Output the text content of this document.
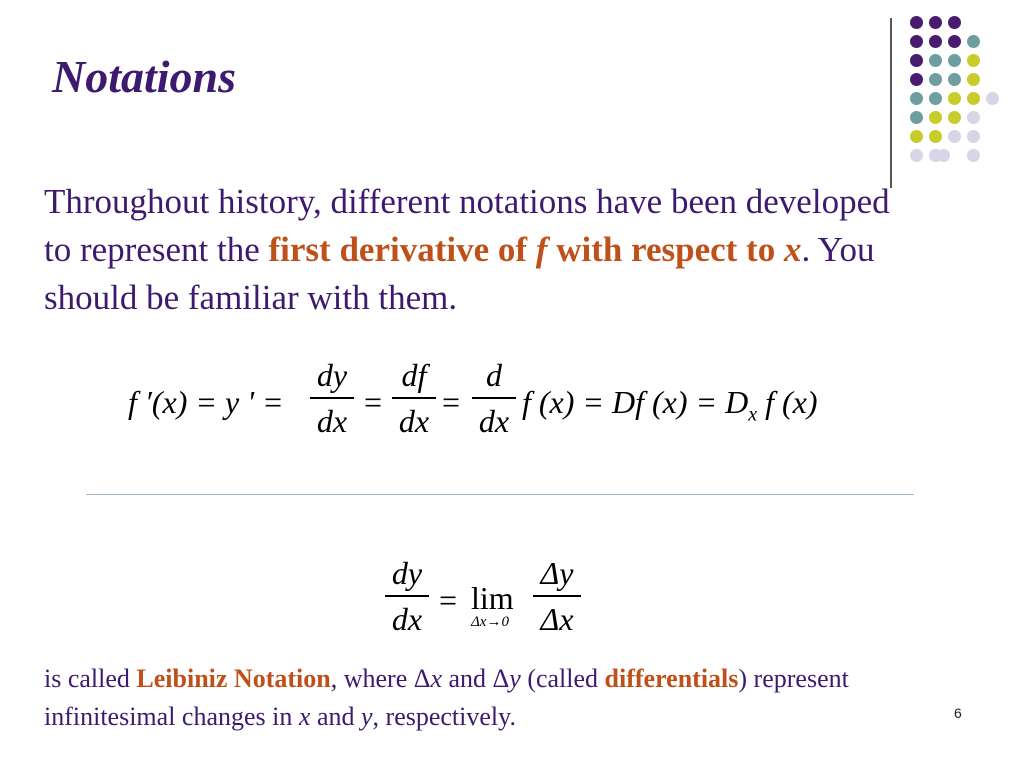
Notations
Throughout history, different notations have been developed to represent the first derivative of f with respect to x. You should be familiar with them.
f ′(x) = y ' =
dy
dx
=
df
dx
=
d
dx
f (x) = Df $(x) = D_x$ f (x)
dy
dx
= lim
Δx→0
Δy
Δx
is called Leibiniz Notation, where Δx and Δy (called differentials) represent infinitesimal changes in x and y, respectively.	6
